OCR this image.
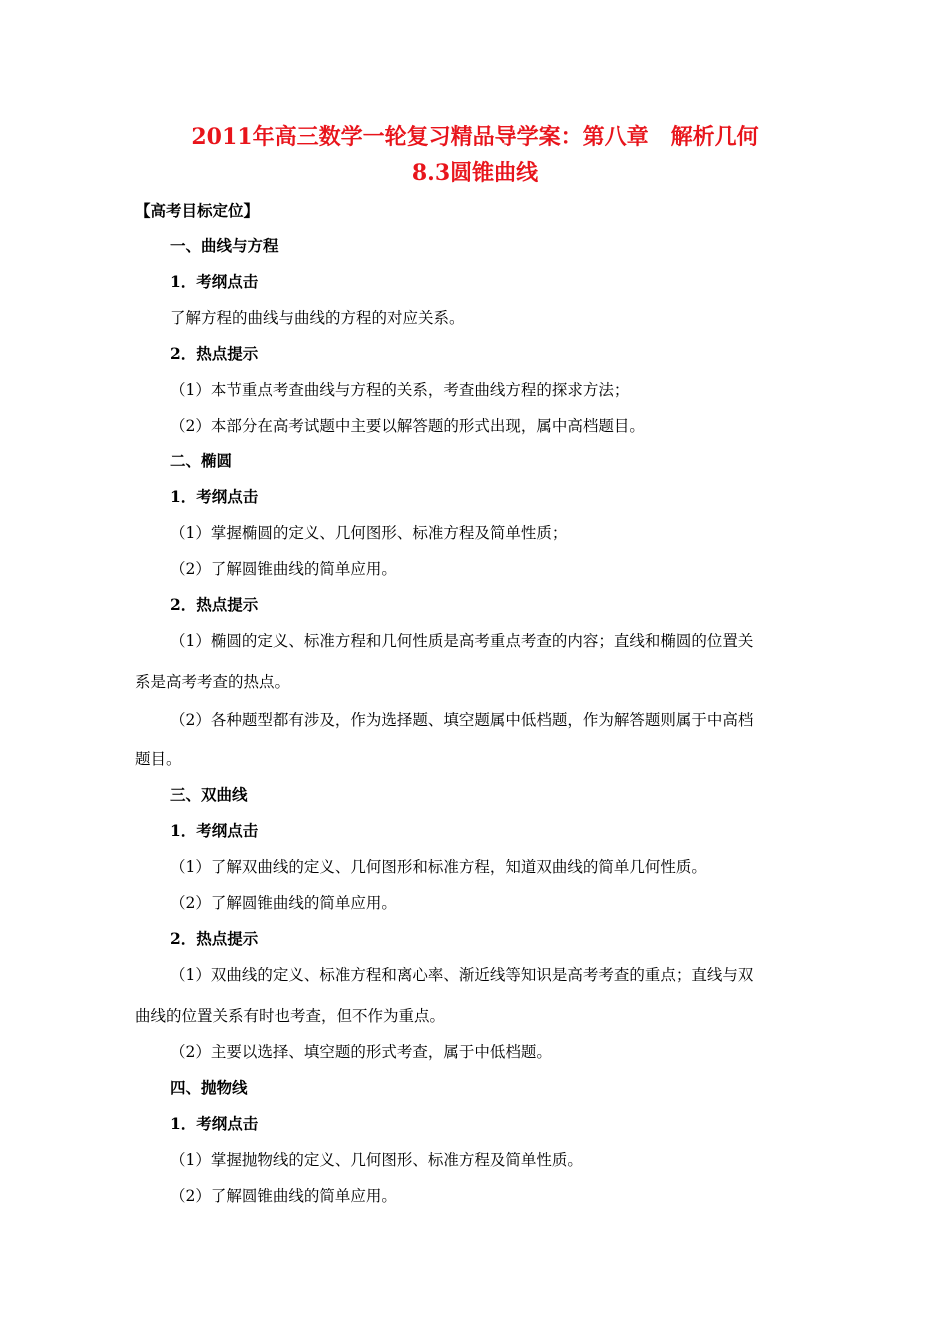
2011年高三数学一轮复习精品导学案：第八章　解析几何
8.3圆锥曲线
【高考目标定位】
一、曲线与方程
1．考纲点击
了解方程的曲线与曲线的方程的对应关系。
2．热点提示
（1）本节重点考查曲线与方程的关系，考查曲线方程的探求方法；
（2）本部分在高考试题中主要以解答题的形式出现，属中高档题目。
二、椭圆
1．考纲点击
（1）掌握椭圆的定义、几何图形、标准方程及简单性质；
（2）了解圆锥曲线的简单应用。
2．热点提示
（1）椭圆的定义、标准方程和几何性质是高考重点考查的内容；直线和椭圆的位置关
系是高考考查的热点。
（2）各种题型都有涉及，作为选择题、填空题属中低档题，作为解答题则属于中高档
题目。
三、双曲线
1．考纲点击
（1）了解双曲线的定义、几何图形和标准方程，知道双曲线的简单几何性质。
（2）了解圆锥曲线的简单应用。
2．热点提示
（1）双曲线的定义、标准方程和离心率、渐近线等知识是高考考查的重点；直线与双
曲线的位置关系有时也考查，但不作为重点。
（2）主要以选择、填空题的形式考查，属于中低档题。
四、抛物线
1．考纲点击
（1）掌握抛物线的定义、几何图形、标准方程及简单性质。
（2）了解圆锥曲线的简单应用。
